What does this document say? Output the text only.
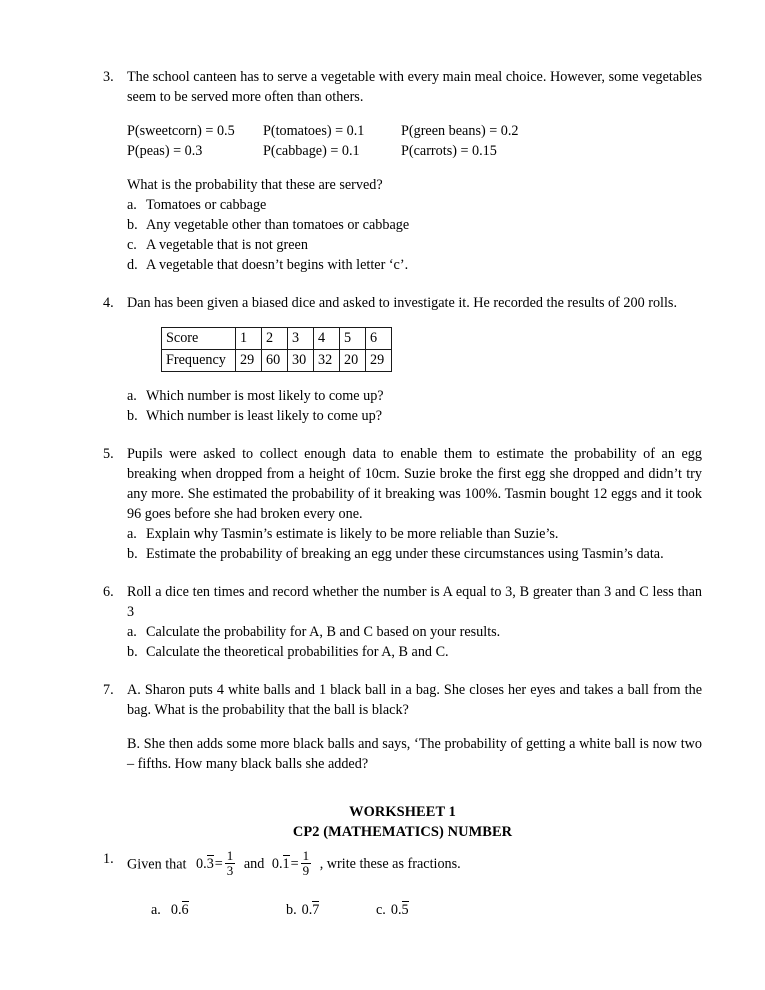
3. The school canteen has to serve a vegetable with every main meal choice. However, some vegetables seem to be served more often than others.
P(sweetcorn) = 0.5 P(tomatoes) = 0.1	P(green beans) = 0.2
P(peas) = 0.3	P(cabbage) = 0.1	P(carrots) = 0.15
What is the probability that these are served?
a. Tomatoes or cabbage
b. Any vegetable other than tomatoes or cabbage
c. A vegetable that is not green
d. A vegetable that doesn’t begins with letter ‘c’.
4. Dan has been given a biased dice and asked to investigate it. He recorded the results of 200 rolls.
Score	1	2	3	4	5	6
Frequency	29	60	30	32	20	29
a. Which number is most likely to come up?
b. Which number is least likely to come up?
5. Pupils were asked to collect enough data to enable them to estimate the probability of an egg breaking when dropped from a height of 10cm. Suzie broke the first egg she dropped and didn’t try any more. She estimated the probability of it breaking was 100%. Tasmin bought 12 eggs and it took 96 goes before she had broken every one.
a. Explain why Tasmin’s estimate is likely to be more reliable than Suzie’s.
b. Estimate the probability of breaking an egg under these circumstances using Tasmin’s data.
6. Roll a dice ten times and record whether the number is A equal to 3, B greater than 3 and C less than 3
a. Calculate the probability for A, B and C based on your results.
b. Calculate the theoretical probabilities for A, B and C.
7. A. Sharon puts 4 white balls and 1 black ball in a bag. She closes her eyes and takes a ball from the bag. What is the probability that the ball is black?
B. She then adds some more black balls and says, ‘The probability of getting a white ball is now two – fifths. How many black balls she added?
WORKSHEET 1
CP2 (MATHEMATICS) NUMBER
1. Given that $0.3= \frac{1}{3}$ and $0.1= \frac{1}{9}$ , write these as fractions.
a. 0.6	b. 0.7	c. 0.5
